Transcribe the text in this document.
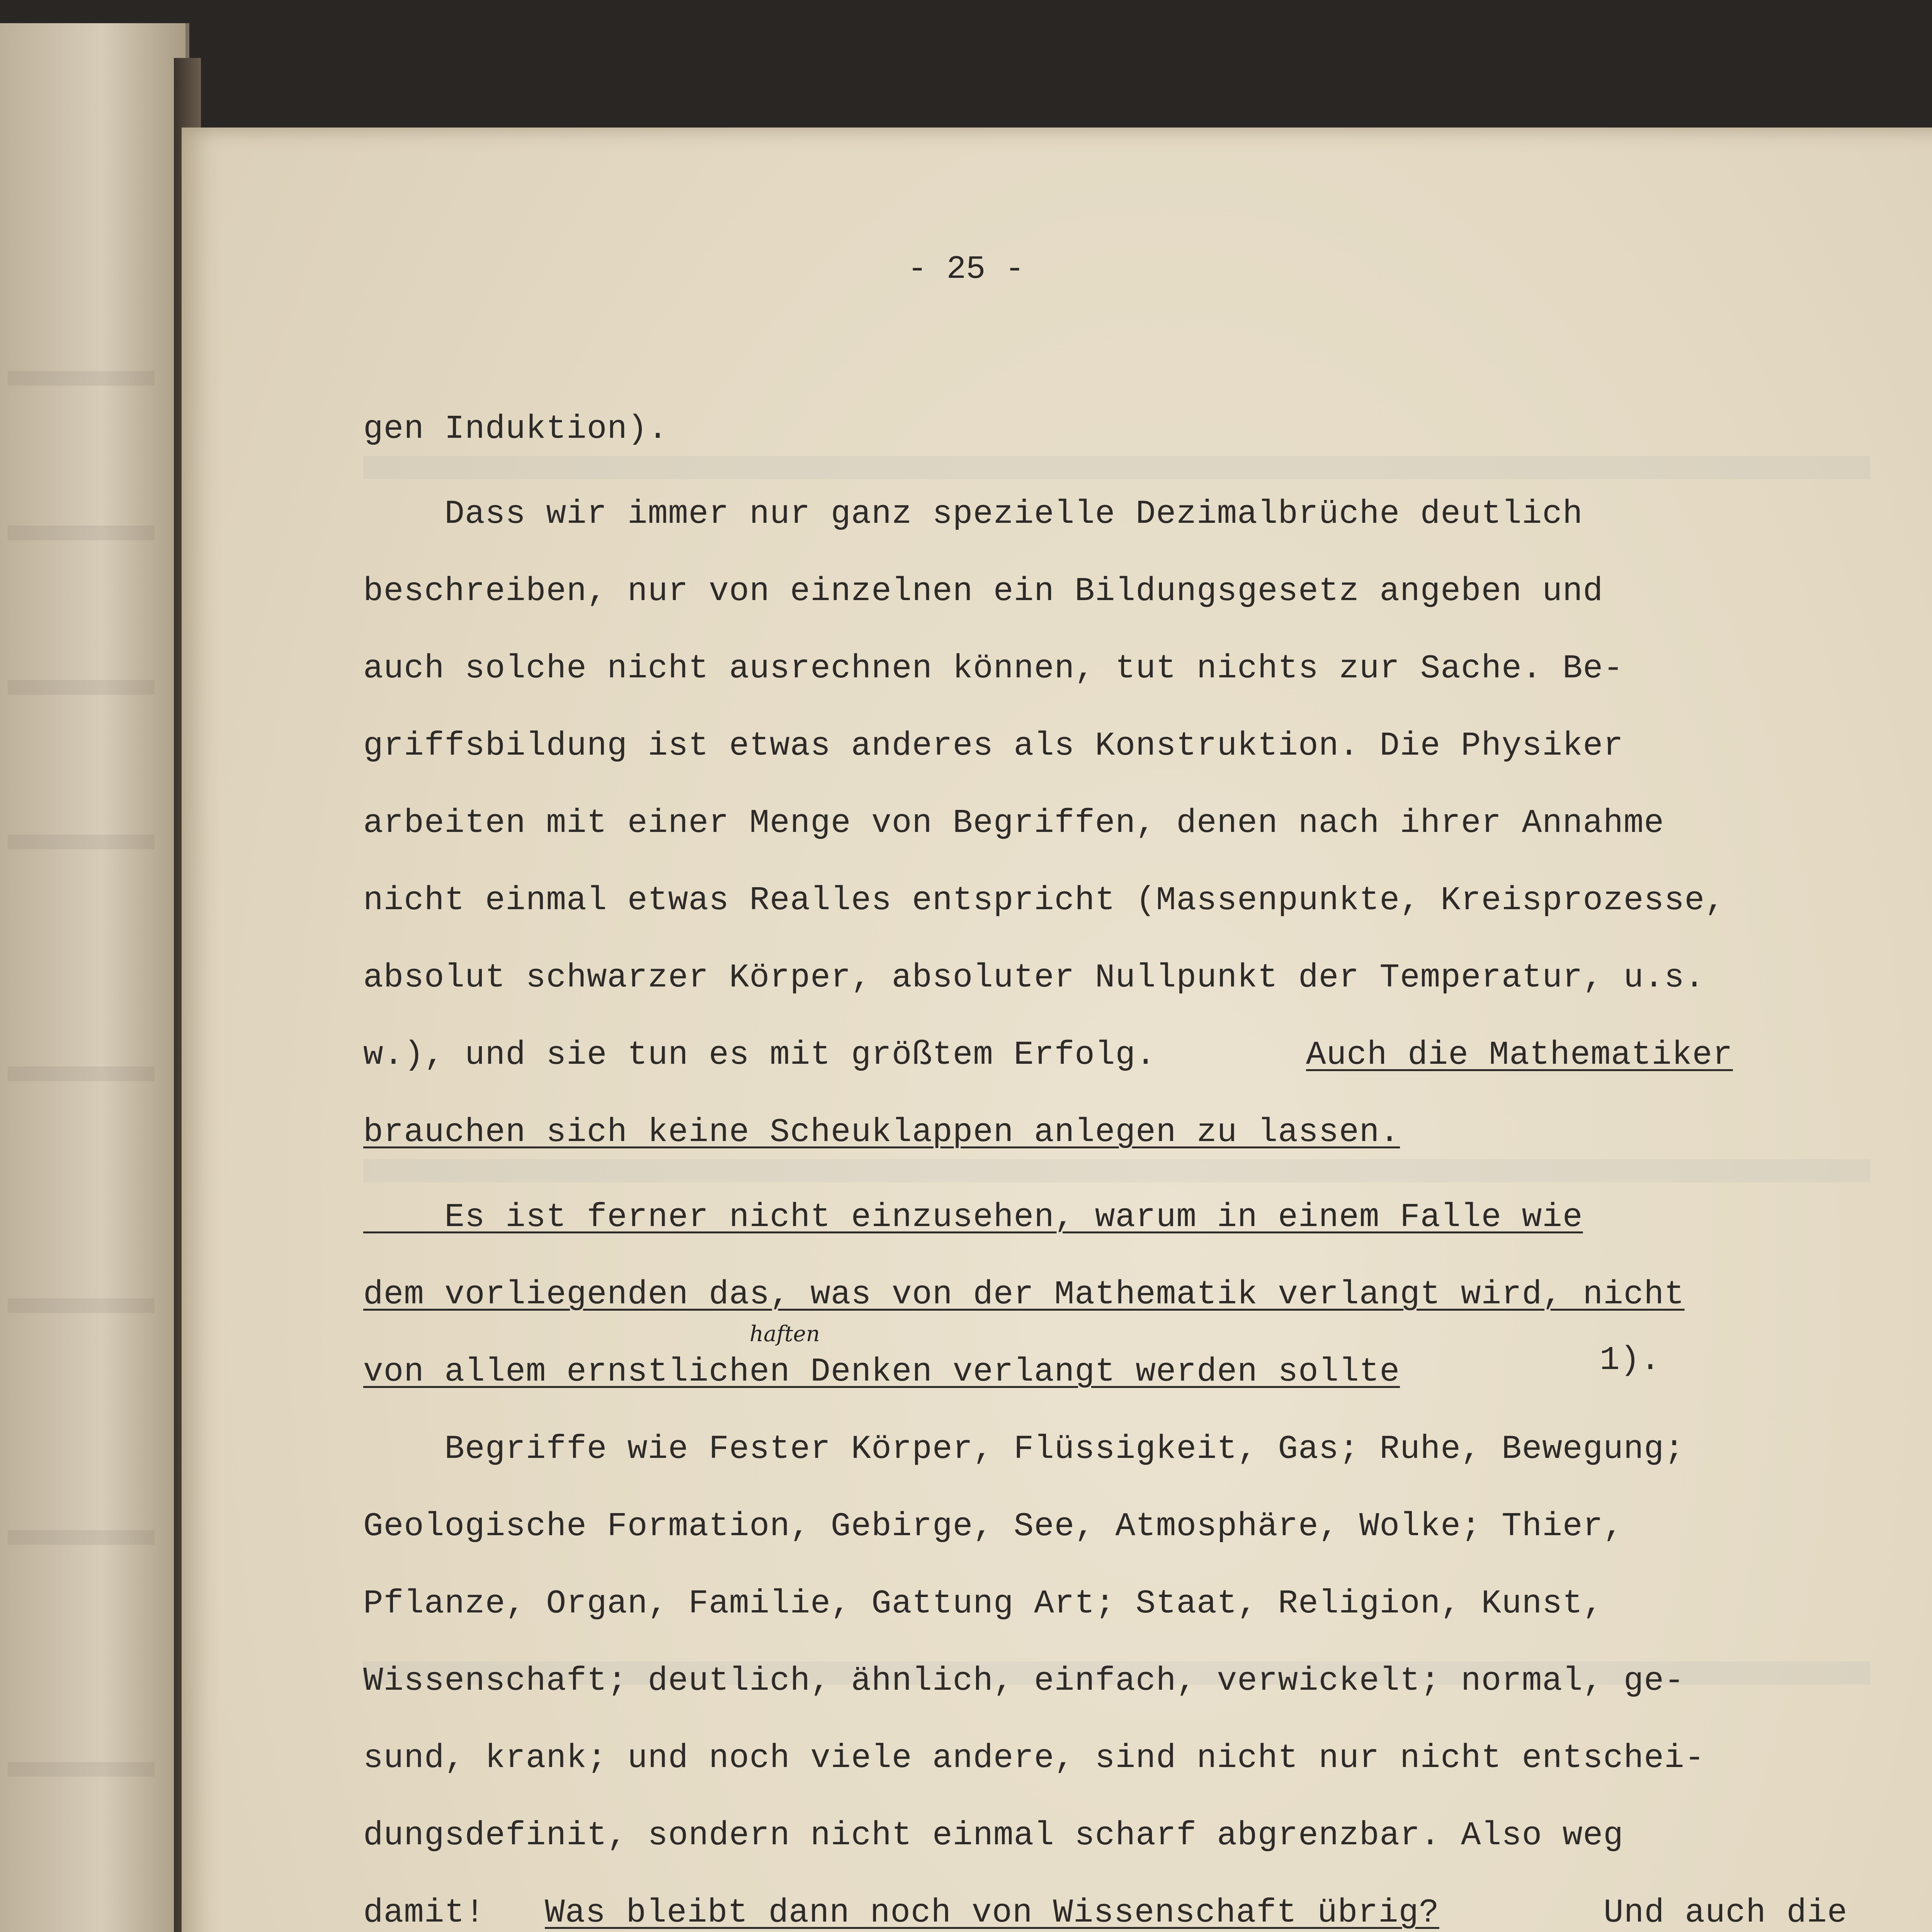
- 25 -
gen Induktion).
Dass wir immer nur ganz spezielle Dezimalbrüche deutlich
beschreiben, nur von einzelnen ein Bildungsgesetz angeben und
auch solche nicht ausrechnen können, tut nichts zur Sache. Be-
griffsbildung ist etwas anderes als Konstruktion. Die Physiker
arbeiten mit einer Menge von Begriffen, denen nach ihrer Annahme
nicht einmal etwas Realles entspricht (Massenpunkte, Kreisprozesse,
absolut schwarzer Körper, absoluter Nullpunkt der Temperatur, u.s.
w.), und sie tun es mit größtem Erfolg.	Auch die Mathematiker
brauchen sich keine Scheuklappen anlegen zu lassen.
Es ist ferner nicht einzusehen, warum in einem Falle wie
dem vorliegenden das, was von der Mathematik verlangt wird, nicht
von allem ernstlichen Denken verlangt werden sollte	1).
haften
Begriffe wie Fester Körper, Flüssigkeit, Gas; Ruhe, Bewegung;
Geologische Formation, Gebirge, See, Atmosphäre, Wolke; Thier,
Pflanze, Organ, Familie, Gattung Art; Staat, Religion, Kunst,
Wissenschaft; deutlich, ähnlich, einfach, verwickelt; normal, ge-
sund, krank; und noch viele andere, sind nicht nur nicht entschei-
dungsdefinit, sondern nicht einmal scharf abgrenzbar. Also weg
damit! Was bleibt dann noch von Wissenschaft übrig?	Und auch die
